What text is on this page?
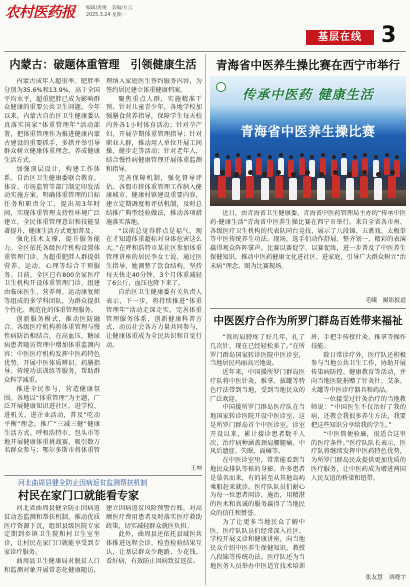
农村医药报 编辑/唐俊　美编/方云
2025.3.24 星期一
基层在线 3
内蒙古：破题体重管理　引领健康生活

内蒙古成年人超重率、肥胖率分别为35.6%和13.9%，高于全国平均水平，超重肥胖已成为影响群众健康的重要公共卫生问题。今年以来，内蒙古自治区卫生健康委认真落实国家“体重管理年”活动部署，把体重管理作为推进健康内蒙古建设的重要抓手，多措并举引导群众树立健康体重理念，养成健康生活方式。

加强顶层设计，构建工作体系。自治区卫生健康委联合教育、体育、市场监管等部门制定印发活动实施方案，明确体重管理的目标任务和职责分工，提出用3年时间，实现体重管理支持性环境广泛建立，全民体重管理意识和技能显著提升，健康生活方式更加普及。

强化技术支撑，提升服务能力。全区依托各级医疗机构设置体重管理门诊，为超重肥胖人群提供营养、运动、心理等综合干预服务。目前，全区已有800余家医疗卫生机构开设体重管理门诊，组建由临床医生、营养师、运动康复师等组成的多学科团队，为群众提供个性化、规范化的体重管理服务。

创新服务模式，推动医防融合。各级医疗机构将体重管理与慢性病防治相结合，在高血压、糖尿病患者随访管理中增加体重监测内容；中医医疗机构发挥中医药特色优势，开展中医体质辨识、药膳指导、传统功法训练等服务，帮助群众科学减重。

推进全民参与，营造健康氛围。各地以“体重管理”为主题，广泛开展健康知识进社区、进学校、进机关、进企业活动，普及“吃动平衡”理念，推广“三减三健”健康生活方式。呼和浩特市、包头市等地开展健康体重挑战赛，吸引数万名群众参与；鄂尔多斯市将体重管理纳入家庭医生签约服务内容，为签约居民建立体重健康档案。

聚焦重点人群，实施精准干预。针对儿童青少年，各地学校加强膳食营养指导，保障学生每天校内外各1小时体育活动；针对孕产妇，开展孕期体重管理指导；针对职业人群，推动用人单位开展工间操、健步走等活动；针对老年人，结合慢性病健康管理开展体重监测和指导。

完善保障机制，强化督导评估。各盟市将体重管理工作纳入健康城市、健康村镇建设重要内容，建立定期调度和评估机制，及时总结推广典型经验做法，推动各项措施落实落地。

“以前总觉得胖点是福气，现在才知道体重超标对身体危害这么大。”在呼和浩特市某社区参加体重管理讲座的居民李女士说，通过医生指导，她调整了饮食结构，坚持每天快走40分钟，3个月体重减轻了6公斤，血压也降下来了。

自治区卫生健康委有关负责人表示，下一步，将持续推进“体重管理年”活动走深走实，完善体重管理服务体系，创新健康科普方式，动员社会各方力量共同参与，让健康体重成为全民共识和自觉行动。

王坤
河北曲周县健全防止因病返贫监测帮扶机制
村民在家门口就能看专家

河北省曲周县健全防止因病返贫动态监测和帮扶机制，推动优质医疗资源下沉，组织县级医院专家定期到乡镇卫生院和村卫生室坐诊，让村民在家门口就能享受到专家诊疗服务。

曲周县卫生健康局对脱贫人口和监测对象开展常态化健康随访，建立因病返贫风险预警台账，对高额医疗费用患者及时落实医疗救助政策，切实减轻群众就医负担。

此外，曲周县还依托县域医共体推进远程会诊、检查检验结果互认，让基层群众少跑路、少花钱、看好病，有效防止因病致贫返贫。

青海省中医养生操比赛在西宁市举行
传承中医药 健康生活
青海省中医养生操比赛

近日，由青海省卫生健康委、青海省中医药管理局主办的“传承中医药·健康生活”青海省中医养生操比赛在西宁市举行。来自全省各市州、各级医疗卫生机构的代表队同台竞技，展示了八段锦、五禽戏、太极拳等中医传统养生功法。现场，选手们动作舒展、整齐划一，精彩的表演赢得观众阵阵掌声。比赛以赛促学、以赛促练，进一步普及了中医养生保健知识，推动中医药健康文化进社区、进家庭，引导广大群众树立“治未病”理念。图为比赛现场。

毛曦　摄影报道
中医医疗合作为所罗门群岛百姓带来福祉

“我的肩膀疼了好几年，扎了几次针，现在已经轻松多了。”在所罗门群岛国家转诊医院中医诊室，当地居民玛丽高兴地说。

近年来，中国援所罗门群岛医疗队将中医针灸、推拿、拔罐等特色疗法带到当地，受到当地民众的广泛欢迎。

中国援所罗门群岛医疗队在当地国家转诊医院开设中医诊室，这是所罗门群岛首个中医诊室。诊室开设以来，累计接诊患者数千人次，治疗病种涵盖颈肩腰腿痛、中风后遗症、失眠、面瘫等。

在中医诊室里，常常能看到当地民众排队等候的身影。许多患者是慕名而来，有的甚至从其他岛屿乘船赶来就诊。医疗队队员们耐心为每一位患者问诊、施治，用精湛的医术和真诚的服务赢得了当地民众的信任和赞誉。

为了让更多当地民众了解中医，医疗队队员们经常深入社区、学校开展义诊和健康讲座，向当地民众介绍中医养生保健知识，教授八段锦等传统功法。医疗队还为当地医务人员举办中医适宜技术培训班，手把手传授针灸、推拿等操作技能。

除日常诊疗外，医疗队还积极参与当地公共卫生工作，协助开展传染病防控、健康教育等活动，并向当地医院捐赠了针灸针、艾条、火罐等中医诊疗器具和药品。

一位接受过针灸治疗的当地教师说：“中国医生不仅治好了我的病，还教会我很多养生方法，我要把这些知识分享给我的学生。”

“中医简便验廉，很适合这里的医疗条件。”医疗队队长表示，医疗队将继续发挥中医药特色优势，为所罗门群岛民众提供更加优质的医疗服务，让中医药成为增进两国人民友谊的桥梁和纽带。

张友慧　刘晓宇
